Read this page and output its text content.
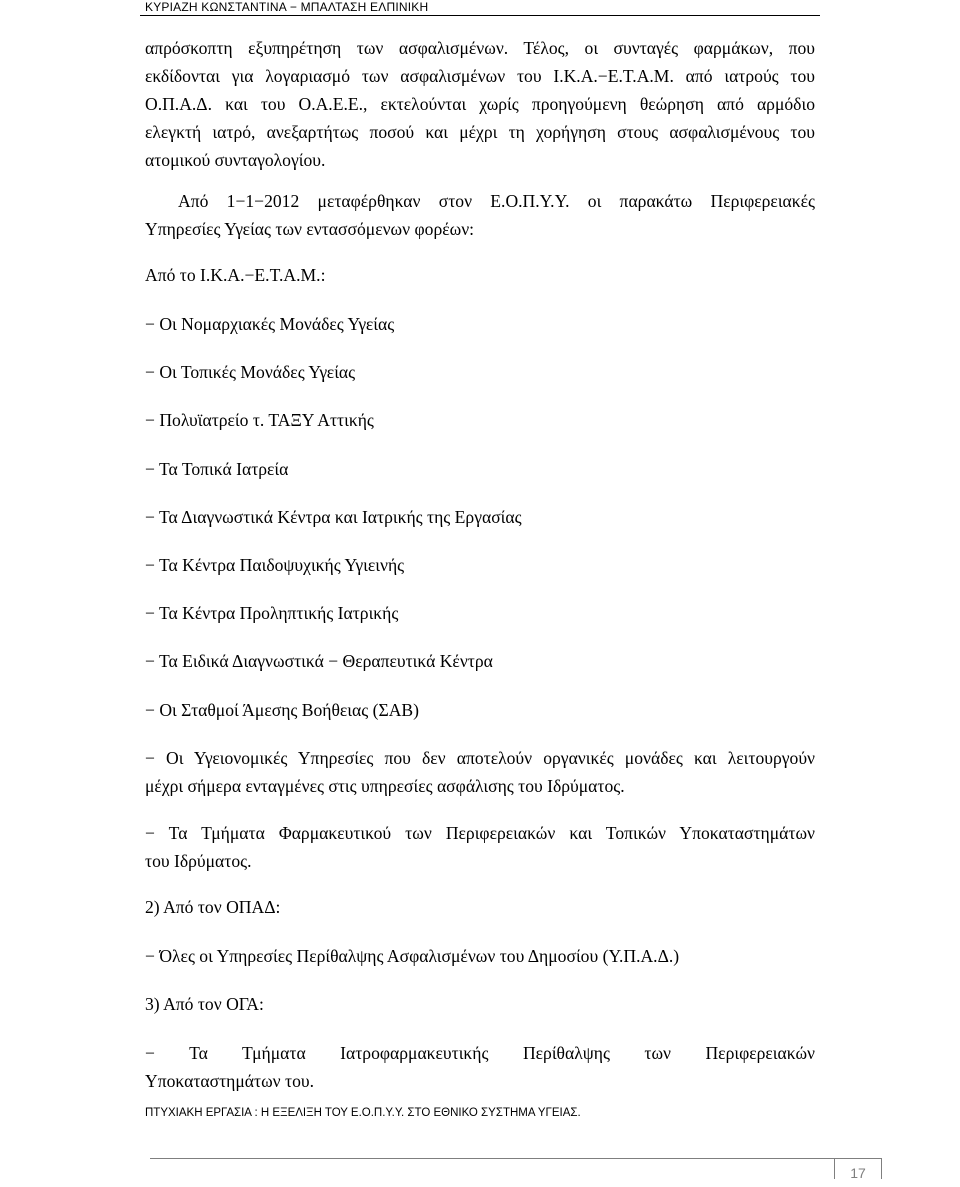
ΚΥΡΙΑΖΗ ΚΩΝΣΤΑΝΤΙΝΑ − ΜΠΑΛΤΑΣΗ ΕΛΠΙΝΙΚΗ

απρόσκοπτη εξυπηρέτηση των ασφαλισμένων. Τέλος, οι συνταγές φαρμάκων, που

εκδίδονται για λογαριασμό των ασφαλισμένων του Ι.Κ.Α.−Ε.Τ.Α.Μ. από ιατρούς του

Ο.Π.Α.Δ. και του Ο.Α.Ε.Ε., εκτελούνται χωρίς προηγούμενη θεώρηση από αρμόδιο

ελεγκτή ιατρό, ανεξαρτήτως ποσού και μέχρι τη χορήγηση στους ασφαλισμένους του

ατομικού συνταγολογίου.

Από 1−1−2012 μεταφέρθηκαν στον Ε.Ο.Π.Υ.Υ. οι παρακάτω Περιφερειακές

Υπηρεσίες Υγείας των εντασσόμενων φορέων:

Από το Ι.Κ.Α.−Ε.Τ.Α.Μ.:
− Οι Νομαρχιακές Μονάδες Υγείας
− Οι Τοπικές Μονάδες Υγείας
− Πολυϊατρείο τ. ΤΑΞΥ Αττικής
− Τα Τοπικά Ιατρεία
− Τα Διαγνωστικά Κέντρα και Ιατρικής της Εργασίας
− Τα Κέντρα Παιδοψυχικής Υγιεινής
− Τα Κέντρα Προληπτικής Ιατρικής
− Τα Ειδικά Διαγνωστικά − Θεραπευτικά Κέντρα
− Οι Σταθμοί Άμεσης Βοήθειας (ΣΑΒ)

− Οι Υγειονομικές Υπηρεσίες που δεν αποτελούν οργανικές μονάδες και λειτουργούν

μέχρι σήμερα ενταγμένες στις υπηρεσίες ασφάλισης του Ιδρύματος.

− Τα Τμήματα Φαρμακευτικού των Περιφερειακών και Τοπικών Υποκαταστημάτων

του Ιδρύματος.

2) Από τον ΟΠΑΔ:
− Όλες οι Υπηρεσίες Περίθαλψης Ασφαλισμένων του Δημοσίου (Υ.Π.Α.Δ.)
3) Από τον ΟΓΑ:

− Τα Τμήματα Ιατροφαρμακευτικής Περίθαλψης των Περιφερειακών

Υποκαταστημάτων του.

ΠΤΥΧΙΑΚΗ ΕΡΓΑΣΙΑ : Η ΕΞΕΛΙΞΗ ΤΟΥ Ε.Ο.Π.Υ.Υ. ΣΤΟ ΕΘΝΙΚΟ ΣΥΣΤΗΜΑ ΥΓΕΙΑΣ.
17
